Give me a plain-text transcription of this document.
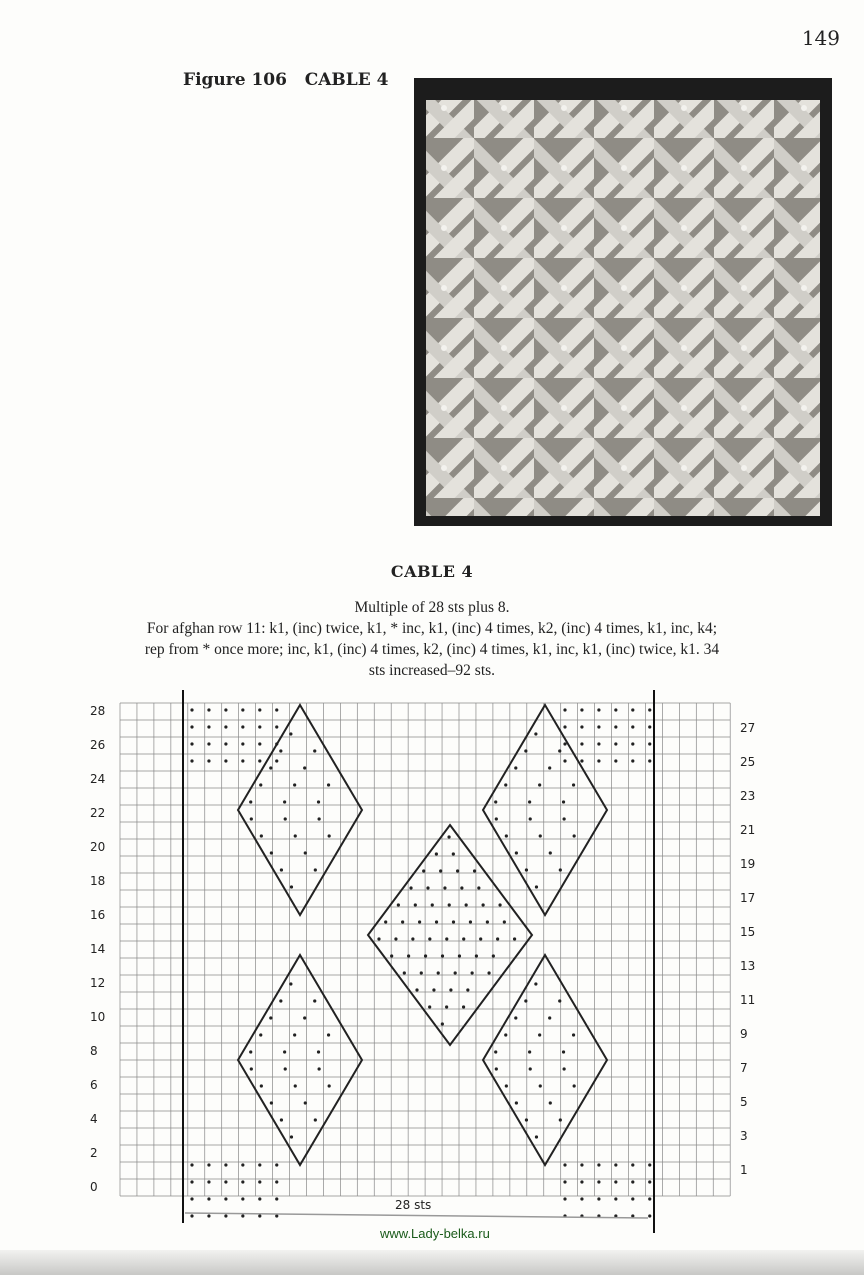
149
Figure 106   CABLE 4
CABLE 4
Multiple of 28 sts plus 8.
For afghan row 11: k1, (inc) twice, k1, * inc, k1, (inc) 4 times, k2, (inc) 4 times, k1, inc, k4;
rep from * once more; inc, k1, (inc) 4 times, k2, (inc) 4 times, k1, inc, k1, (inc) twice, k1. 34
sts increased–92 sts.
28
26
24
22
20
18
16
14
12
10
8
6
4
2
0
27
25
23
21
19
17
15
13
11
9
7
5
3
1
28 sts
www.Lady-belka.ru
